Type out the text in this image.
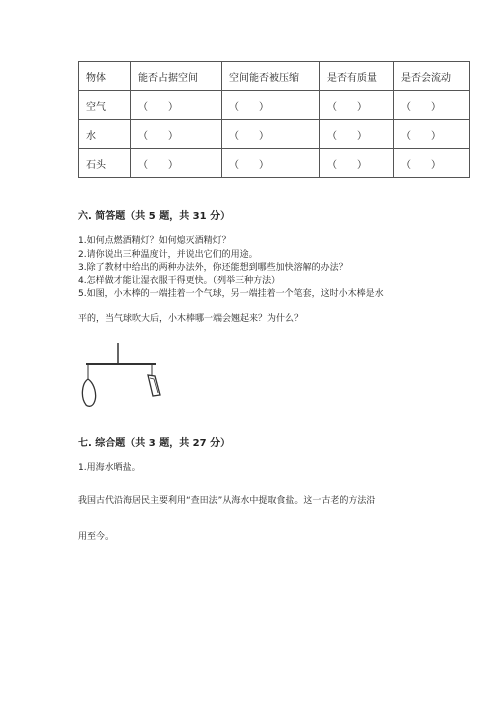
物体	能否占据空间	空间能否被压缩	是否有质量	是否会流动
空气	（　　）	（　　）	（　　）	（　　）
水	（　　）	（　　）	（　　）	（　　）
石头	（　　）	（　　）	（　　）	（　　）
六. 简答题（共 5 题，共 31 分）
1.如何点燃酒精灯？如何熄灭酒精灯？
2.请你说出三种温度计，并说出它们的用途。
3.除了教材中给出的两种办法外，你还能想到哪些加快溶解的办法？
4.怎样做才能让湿衣服干得更快。（列举三种方法）
5.如图，小木棒的一端挂着一个气球，另一端挂着一个笔套，这时小木棒是水
平的，当气球吹大后，小木棒哪一端会翘起来？为什么？
七. 综合题（共 3 题，共 27 分）
1.用海水晒盐。
我国古代沿海居民主要利用“查田法”从海水中提取食盐。这一古老的方法沿
用至今。
